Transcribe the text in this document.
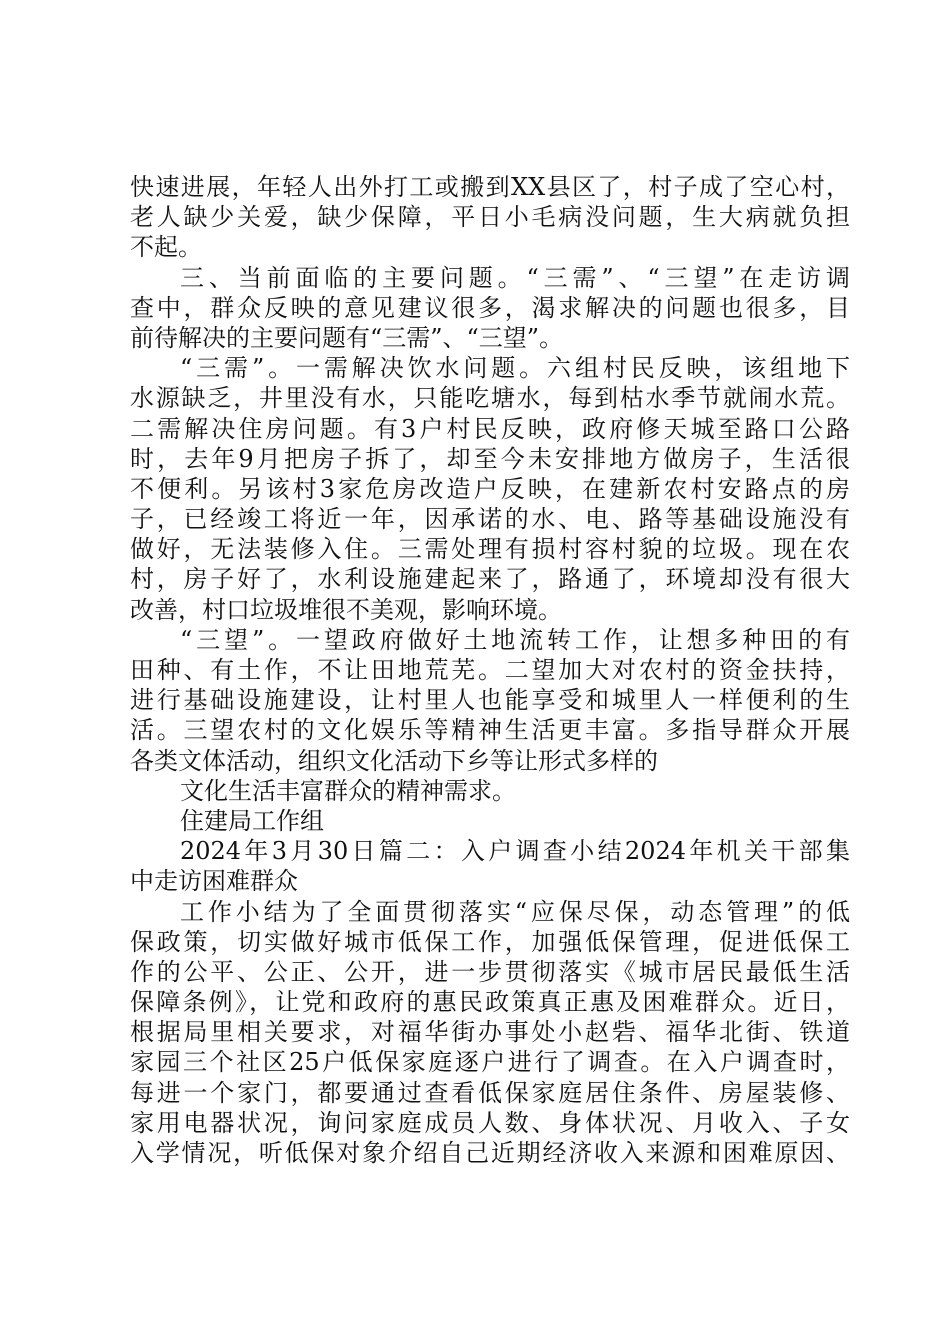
快速进展，年轻人出外打工或搬到XX县区了，村子成了空心村，
老人缺少关爱，缺少保障，平日小毛病没问题，生大病就负担
不起。
三、当前面临的主要问题。“三需”、“三望”在走访调
查中，群众反映的意见建议很多，渴求解决的问题也很多，目
前待解决的主要问题有“三需”、“三望”。
“三需”。一需解决饮水问题。六组村民反映，该组地下
水源缺乏，井里没有水，只能吃塘水，每到枯水季节就闹水荒。
二需解决住房问题。有3户村民反映，政府修天城至路口公路
时，去年9月把房子拆了，却至今未安排地方做房子，生活很
不便利。另该村3家危房改造户反映，在建新农村安路点的房
子，已经竣工将近一年，因承诺的水、电、路等基础设施没有
做好，无法装修入住。三需处理有损村容村貌的垃圾。现在农
村，房子好了，水利设施建起来了，路通了，环境却没有很大
改善，村口垃圾堆很不美观，影响环境。
“三望”。一望政府做好土地流转工作，让想多种田的有
田种、有土作，不让田地荒芜。二望加大对农村的资金扶持，
进行基础设施建设，让村里人也能享受和城里人一样便利的生
活。三望农村的文化娱乐等精神生活更丰富。多指导群众开展
各类文体活动，组织文化活动下乡等让形式多样的
文化生活丰富群众的精神需求。
住建局工作组
2024年3月30日篇二：入户调查小结2024年机关干部集
中走访困难群众
工作小结为了全面贯彻落实“应保尽保，动态管理”的低
保政策，切实做好城市低保工作，加强低保管理，促进低保工
作的公平、公正、公开，进一步贯彻落实《城市居民最低生活
保障条例》，让党和政府的惠民政策真正惠及困难群众。近日，
根据局里相关要求，对福华街办事处小赵砦、福华北街、铁道
家园三个社区25户低保家庭逐户进行了调查。在入户调查时，
每进一个家门，都要通过查看低保家庭居住条件、房屋装修、
家用电器状况，询问家庭成员人数、身体状况、月收入、子女
入学情况，听低保对象介绍自己近期经济收入来源和困难原因、
